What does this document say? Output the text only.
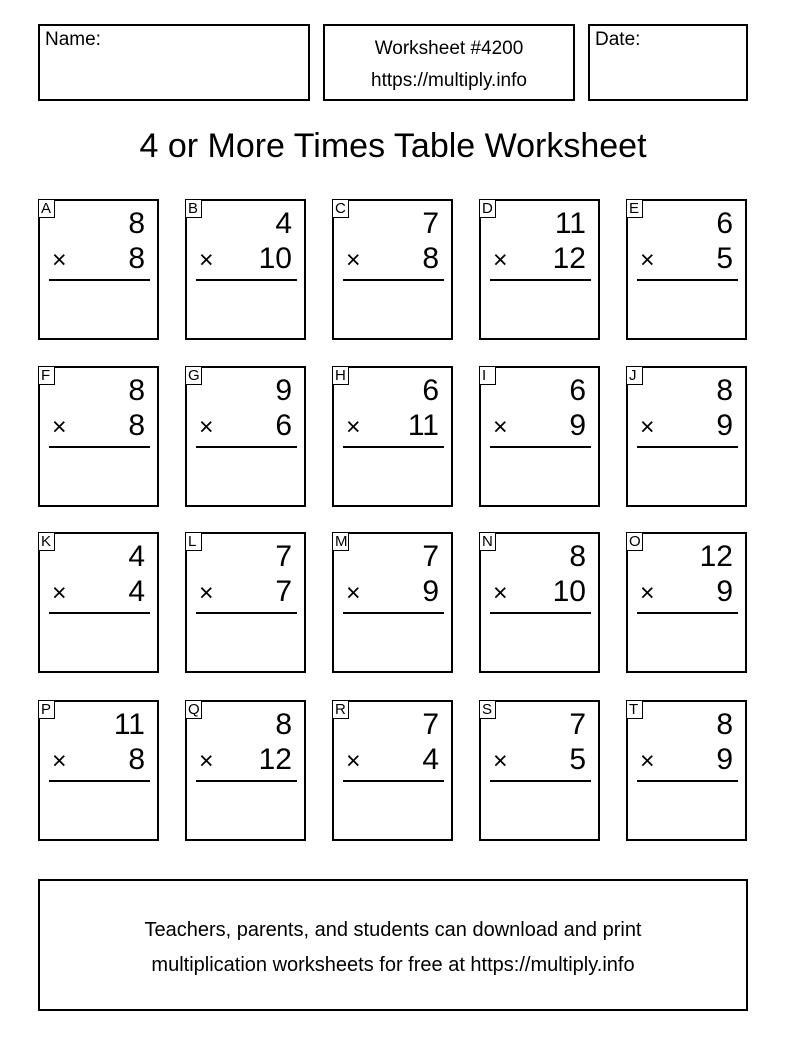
Name:	Worksheet #4200
https://multiply.info
Date:
4 or More Times Table Worksheet
A	8
× 8
B	4
× 10
C	7
× 8
D 11
× 12
E	6
× 5
F	8
× 8
G	9
× 6
H	6
× 11
I	6
× 9
J	8
× 9
K	4
× 4
L	7
× 7
M 7
× 9
N	8
× 10
O 12
× 9
P 11
× 8
Q	8
× 12
R	7
× 4
S	7
× 5
T	8
× 9
Teachers, parents, and students can download and print
multiplication worksheets for free at https://multiply.info
